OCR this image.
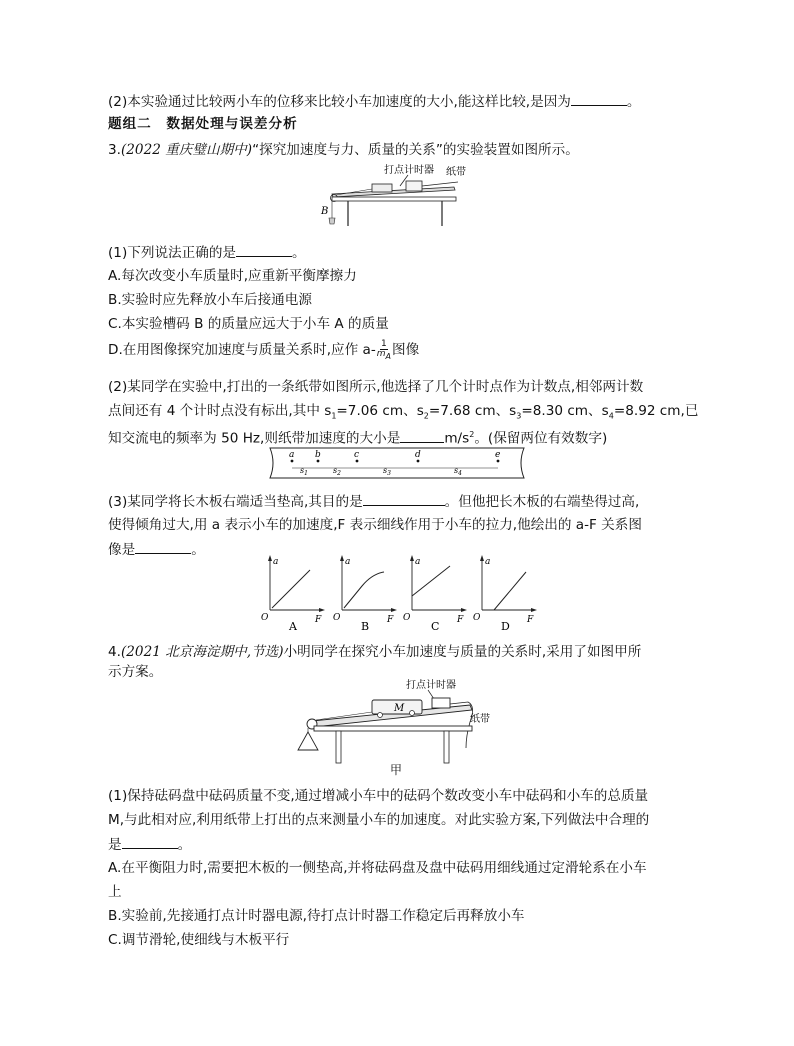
(2)本实验通过比较两小车的位移来比较小车加速度的大小,能这样比较,是因为	。
题组二　数据处理与误差分析
3.(2022 重庆璧山期中)“探究加速度与力、质量的关系”的实验装置如图所示。
打点计时器 纸带
B
(1)下列说法正确的是	。
A.每次改变小车质量时,应重新平衡摩擦力
B.实验时应先释放小车后接通电源
C.本实验槽码 B 的质量应远大于小车 A 的质量
D.在用图像探究加速度与质量关系时,应作 $a- \frac{1}{m_A}$ 图像
(2)某同学在实验中,打出的一条纸带如图所示,他选择了几个计时点作为计数点,相邻两计数
点间还有 4 个计时点没有标出,其中 $s_1=7.06$ cm、$s_2=7.68$ cm、$s_3=8.30$ cm、$s_4=8.92$ cm,已
知交流电的频率为 50 Hz,则纸带加速度的大小是	$m/s^2$。(保留两位有效数字)
a b	c	d	e
$s_1$	$s_2$	$s_3$	$s_4$
(3)某同学将长木板右端适当垫高,其目的是	。但他把长木板的右端垫得过高,
使得倾角过大,用 a 表示小车的加速度,F 表示细线作用于小车的拉力,他绘出的 a-F 关系图
像是	。
a
F
O
A
a
F
O
B
a
F
O
C
a
F
O
D
4.(2021 北京海淀期中,节选)小明同学在探究小车加速度与质量的关系时,采用了如图甲所
示方案。
打点计时器
M
纸带
甲
(1)保持砝码盘中砝码质量不变,通过增减小车中的砝码个数改变小车中砝码和小车的总质量
M,与此相对应,利用纸带上打出的点来测量小车的加速度。对此实验方案,下列做法中合理的
是	。
A.在平衡阻力时,需要把木板的一侧垫高,并将砝码盘及盘中砝码用细线通过定滑轮系在小车
上
B.实验前,先接通打点计时器电源,待打点计时器工作稳定后再释放小车
C.调节滑轮,使细线与木板平行
